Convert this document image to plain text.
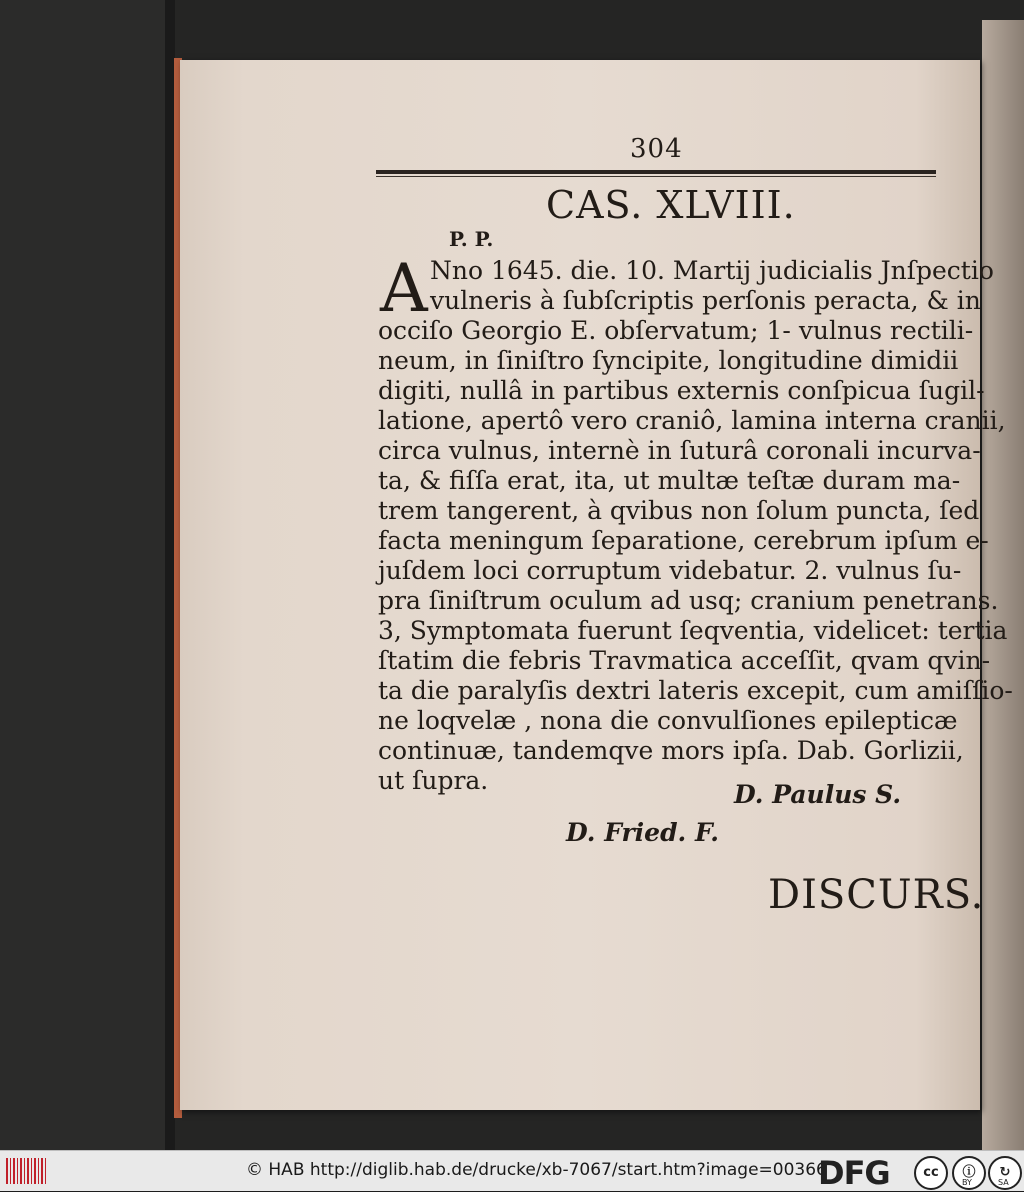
304
CAS. XLVIII.
P. P.
A Nno 1645. die. 10. Martij judicialis Jnſpectio
vulneris à ſubſcriptis perſonis peracta, & in
occiſo Georgio E. obſervatum; 1- vulnus rectili-
neum, in ſiniſtro ſyncipite, longitudine dimidii
digiti, nullâ in partibus externis conſpicua ſugil-
latione, apertô vero craniô, lamina interna cranii,
circa vulnus, internè in ſuturâ coronali incurva-
ta, & fiſſa erat, ita, ut multæ teſtæ duram ma-
trem tangerent, à qvibus non ſolum puncta, ſed
facta meningum ſeparatione, cerebrum ipſum e-
juſdem loci corruptum videbatur. 2. vulnus ſu-
pra ſiniſtrum oculum ad usq; cranium penetrans.
3, Symptomata fuerunt ſeqventia, videlicet: tertia
ſtatim die febris Travmatica acceſſit, qvam qvin-
ta die paralyſis dextri lateris excepit, cum amiſſio-
ne loqvelæ , nona die convulſiones epilepticæ
continuæ, tandemqve mors ipſa. Dab. Gorlizii,
ut ſupra.	D. Paulus S.
D. Fried. F.
DISCURS.
© HAB http://diglib.hab.de/drucke/xb-7067/start.htm?image=00366
DFG	cc	ⓘ
BY
↻
SA
